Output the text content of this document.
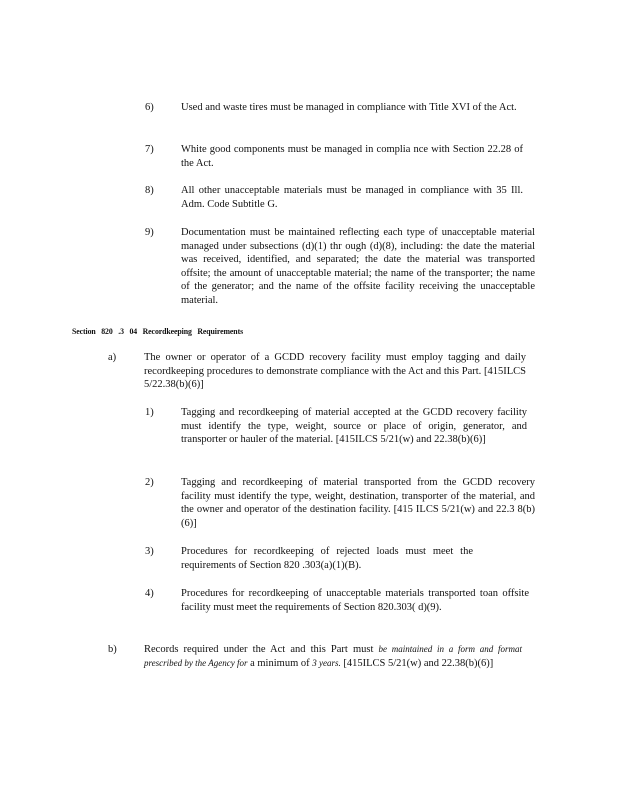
6)	Used and waste tires must be managed in compliance with Title XVI of the Act.
7)	White good components must be managed in complia nce with Section 22.28 of the Act.
8)	All other unacceptable materials must be managed in compliance with 35 Ill. Adm. Code Subtitle G.
9)	Documentation must be maintained reflecting each type of unacceptable material managed under subsections (d)(1) thr ough (d)(8), including: the date the material was received, identified, and separated; the date the material was transported offsite; the amount of unacceptable material; the name of the transporter; the name of the generator; and the name of the offsite facility receiving the unacceptable material.
Section 820 .3 04 Recordkeeping Requirements
a)	The owner or operator of a GCDD recovery facility must employ tagging and daily recordkeeping procedures to demonstrate compliance with the Act and this Part. [415ILCS 5/22.38(b)(6)]
1)	Tagging and recordkeeping of material accepted at the GCDD recovery facility must identify the type, weight, source or place of origin, generator, and transporter or hauler of the material. [415ILCS 5/21(w) and 22.38(b)(6)]
2)	Tagging and recordkeeping of material transported from the GCDD recovery facility must identify the type, weight, destination, transporter of the material, and the owner and operator of the destination facility. [415 ILCS 5/21(w) and 22.3 8(b)(6)]
3)	Procedures for recordkeeping of rejected loads must meet the requirements of Section 820 .303(a)(1)(B).
4)	Procedures for recordkeeping of unacceptable materials transported toan offsite facility must meet the requirements of Section 820.303( d)(9).
b)	Records required under the Act and this Part must be maintained in a form and format prescribed by the Agency for a minimum of 3 years. [415ILCS 5/21(w) and 22.38(b)(6)]
